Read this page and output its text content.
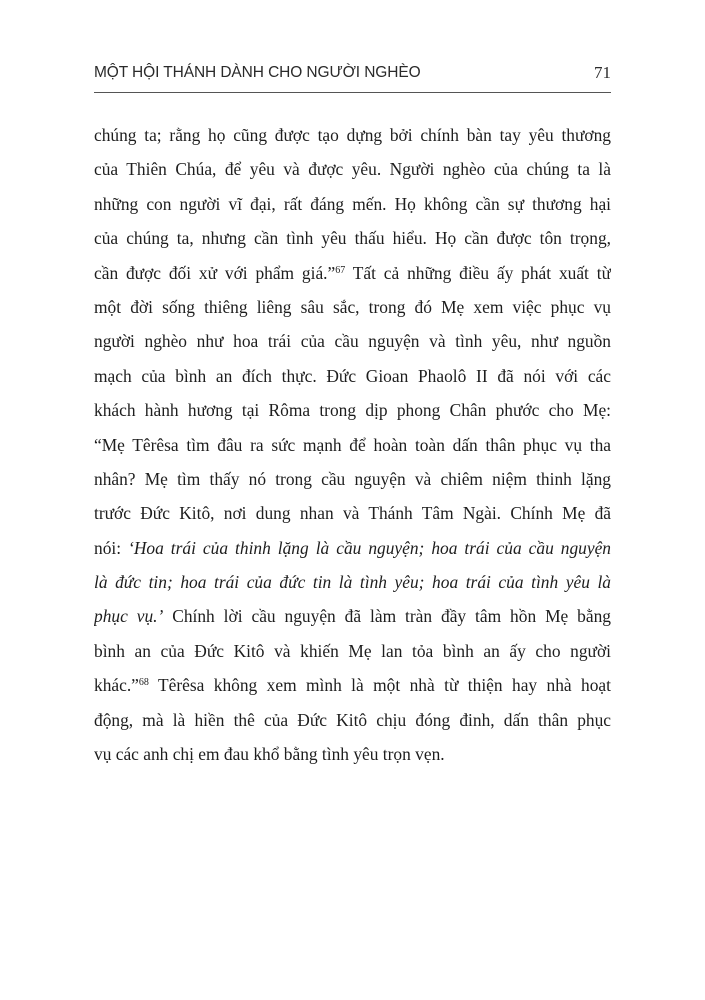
MỘT HỘI THÁNH DÀNH CHO NGƯỜI NGHÈO	71
chúng ta; rằng họ cũng được tạo dựng bởi chính bàn tay yêu thương
của Thiên Chúa, để yêu và được yêu. Người nghèo của chúng ta là
những con người vĩ đại, rất đáng mến. Họ không cần sự thương hại
của chúng ta, nhưng cần tình yêu thấu hiểu. Họ cần được tôn trọng,
cần được đối xử với phẩm giá.”$^{67}$ Tất cả những điều ấy phát xuất từ
một đời sống thiêng liêng sâu sắc, trong đó Mẹ xem việc phục vụ
người nghèo như hoa trái của cầu nguyện và tình yêu, như nguồn
mạch của bình an đích thực. Đức Gioan Phaolô II đã nói với các
khách hành hương tại Rôma trong dịp phong Chân phước cho Mẹ:
“Mẹ Têrêsa tìm đâu ra sức mạnh để hoàn toàn dấn thân phục vụ tha
nhân? Mẹ tìm thấy nó trong cầu nguyện và chiêm niệm thinh lặng
trước Đức Kitô, nơi dung nhan và Thánh Tâm Ngài. Chính Mẹ đã
nói: ‘Hoa trái của thinh lặng là cầu nguyện; hoa trái của cầu nguyện
là đức tin; hoa trái của đức tin là tình yêu; hoa trái của tình yêu là
phục vụ.’ Chính lời cầu nguyện đã làm tràn đầy tâm hồn Mẹ bằng
bình an của Đức Kitô và khiến Mẹ lan tỏa bình an ấy cho người
khác.”$^{68}$ Têrêsa không xem mình là một nhà từ thiện hay nhà hoạt
động, mà là hiền thê của Đức Kitô chịu đóng đinh, dấn thân phục
vụ các anh chị em đau khổ bằng tình yêu trọn vẹn.
